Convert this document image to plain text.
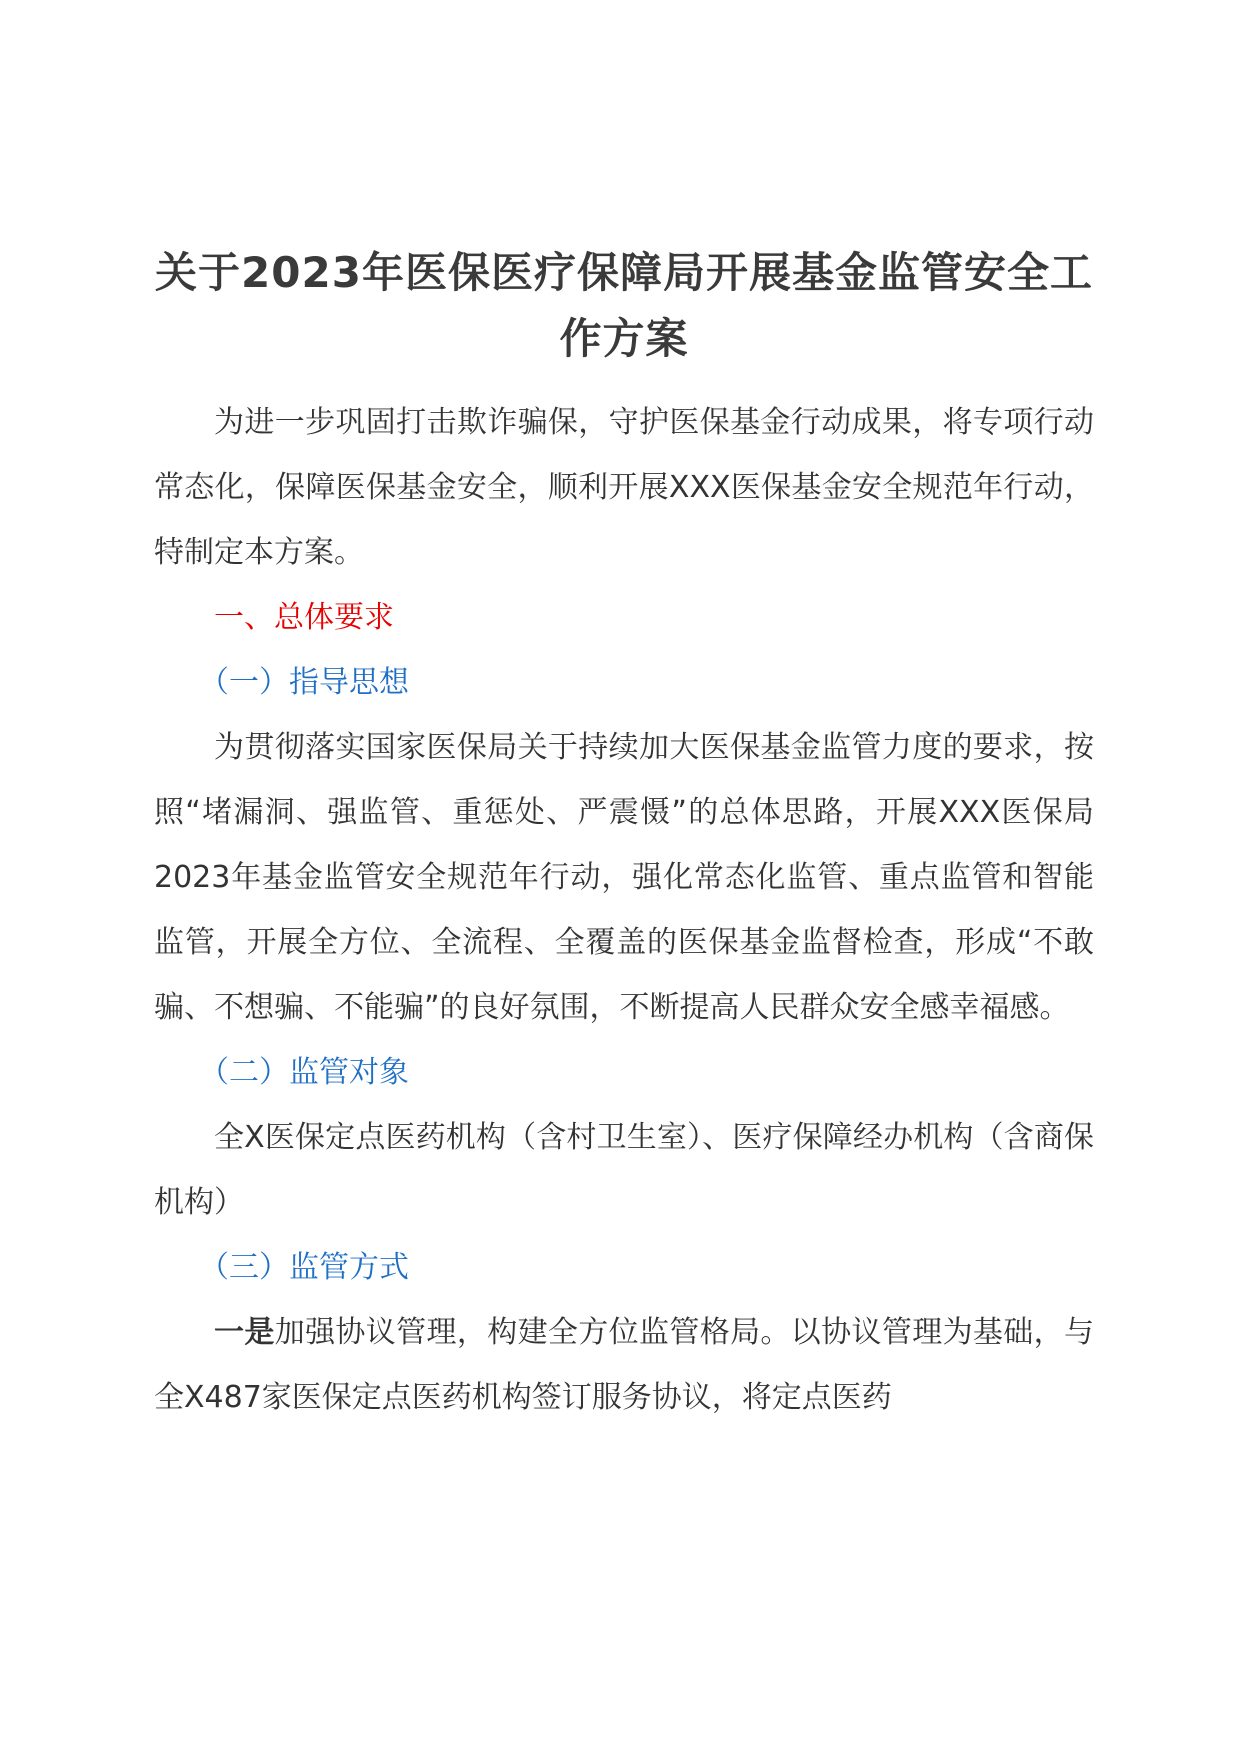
关于2023年医保医疗保障局开展基金监管安全工作方案

为进一步巩固打击欺诈骗保，守护医保基金行动成果，将专项行动常态化，保障医保基金安全，顺利开展XXX医保基金安全规范年行动，特制定本方案。

一、总体要求

（一）指导思想

为贯彻落实国家医保局关于持续加大医保基金监管力度的要求，按照“堵漏洞、强监管、重惩处、严震慑”的总体思路，开展XXX医保局2023年基金监管安全规范年行动，强化常态化监管、重点监管和智能监管，开展全方位、全流程、全覆盖的医保基金监督检查，形成“不敢骗、不想骗、不能骗”的良好氛围，不断提高人民群众安全感幸福感。

（二）监管对象

全X医保定点医药机构（含村卫生室）、医疗保障经办机构（含商保机构）

（三）监管方式

一是加强协议管理，构建全方位监管格局。以协议管理为基础，与全X487家医保定点医药机构签订服务协议，将定点医药
